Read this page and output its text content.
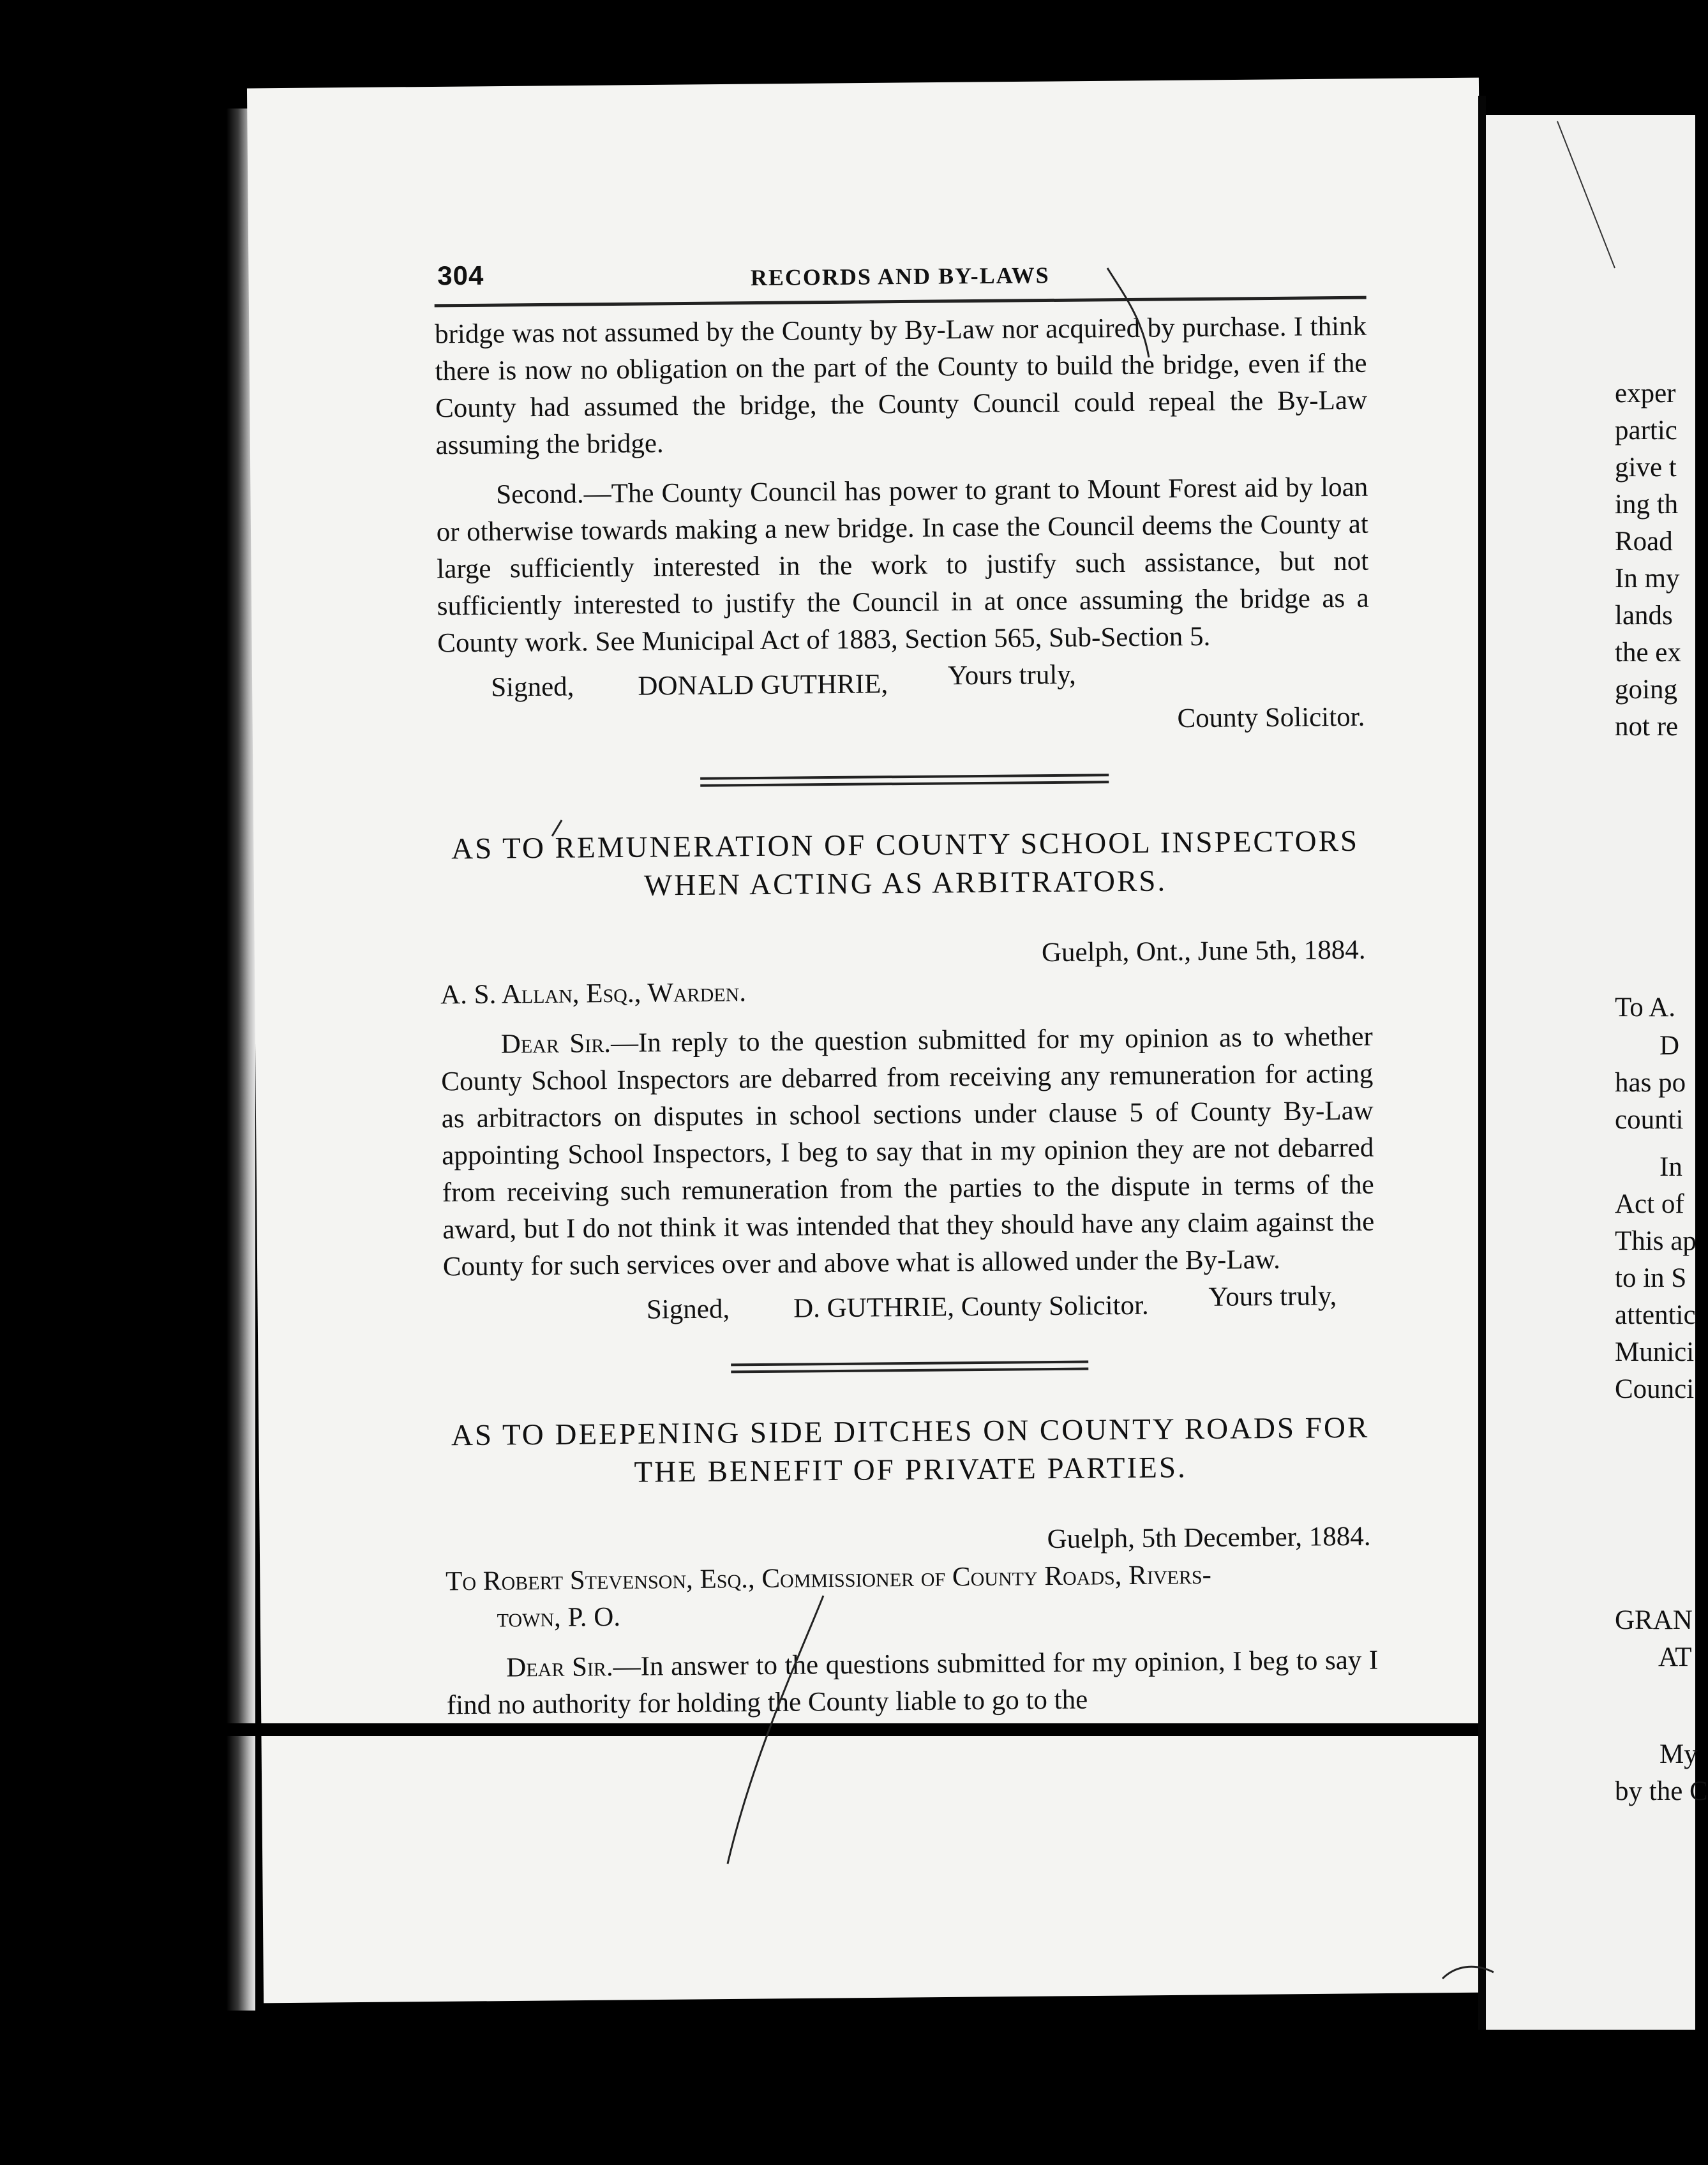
304	RECORDS AND BY-LAWS

bridge was not assumed by the County by By-Law nor acquired by purchase. I think there is now no obligation on the part of the County to build the bridge, even if the County had assumed the bridge, the County Council could repeal the By-Law assuming the bridge.

Second.—The County Council has power to grant to Mount Forest aid by loan or otherwise towards making a new bridge. In case the Council deems the County at large sufficiently interested in the work to justify such assistance, but not sufficiently interested to justify the Council in at once assuming the bridge as a County work. See Municipal Act of 1883, Section 565, Sub-Section 5.
Yours truly,

Signed, DONALD GUTHRIE, County Solicitor.
AS TO REMUNERATION OF COUNTY SCHOOL INSPECTORS WHEN ACTING AS ARBITRATORS.
Guelph, Ont., June 5th, 1884.
A. S. Allan, Esq., Warden.

Dear Sir.—In reply to the question submitted for my opinion as to whether County School Inspectors are debarred from receiving any remuneration for acting as arbitractors on disputes in school sections under clause 5 of County By-Law appointing School Inspectors, I beg to say that in my opinion they are not debarred from receiving such remuneration from the parties to the dispute in terms of the award, but I do not think it was intended that they should have any claim against the County for such services over and above what is allowed under the By-Law.
Yours truly,

Signed, D. GUTHRIE, County Solicitor.
AS TO DEEPENING SIDE DITCHES ON COUNTY ROADS FOR THE BENEFIT OF PRIVATE PARTIES.
Guelph, 5th December, 1884.
To Robert Stevenson, Esq., Commissioner of County Roads, Rivers-
town, P. O.

Dear Sir.—In answer to the questions submitted for my opinion, I beg to say I find no authority for holding the County liable to go to the

exper
partic
give t
ing th
Road
In my
lands
the ex
going
not re
To A.
D
has po
counti
In
Act of
This ap
to in S
attentic
Munici
Counci
GRAN
AT
My
by the C
